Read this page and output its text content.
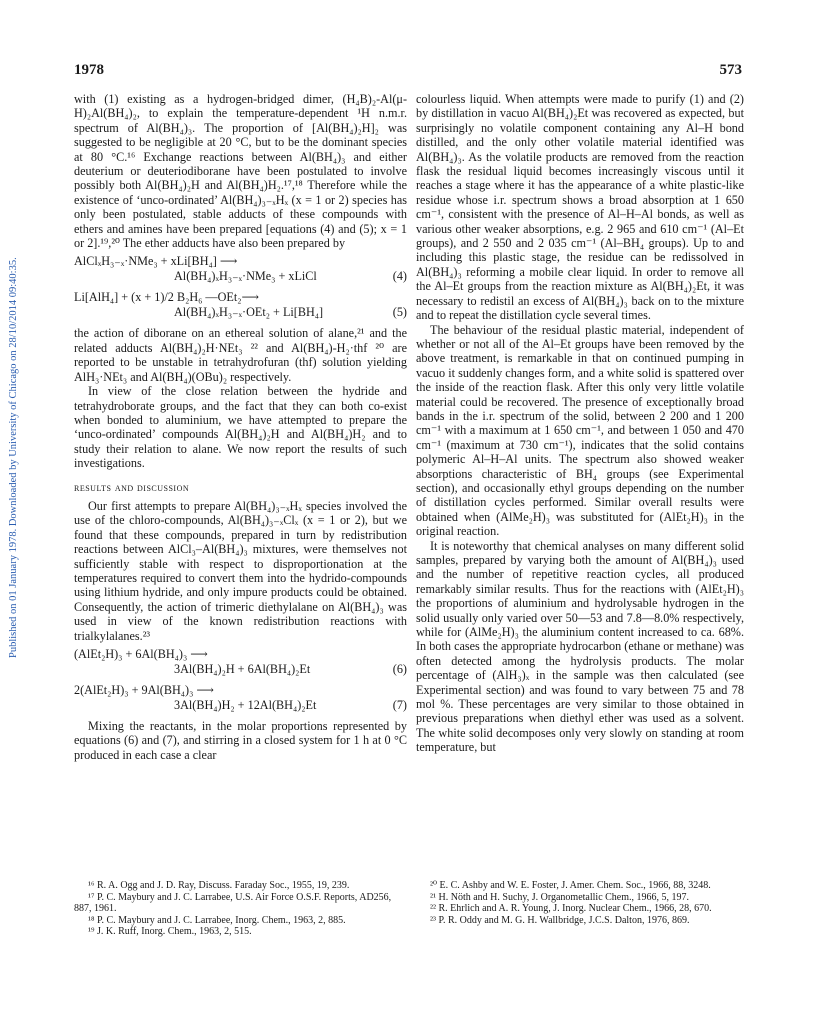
1978	573
Published on 01 January 1978. Downloaded by University of Chicago on 28/10/2014 09:40:35.

with (1) existing as a hydrogen-bridged dimer, (H₄B)₂-Al(μ-H)₂Al(BH₄)₂, to explain the temperature-dependent ¹H n.m.r. spectrum of Al(BH₄)₃. The proportion of [Al(BH₄)₂H]₂ was suggested to be negligible at 20 °C, but to be the dominant species at 80 °C.¹⁶ Exchange reactions between Al(BH₄)₃ and either deuterium or deuteriodiborane have been postulated to involve possibly both Al(BH₄)₂H and Al(BH₄)H₂.¹⁷,¹⁸ Therefore while the existence of ‘unco-ordinated’ Al(BH₄)₃₋ₓHₓ (x = 1 or 2) species has only been postulated, stable adducts of these compounds with ethers and amines have been prepared [equations (4) and (5); x = 1 or 2].¹⁹,²⁰ The ether adducts have also been prepared by

AlClₓH₃₋ₓ·NMe₃ + xLi[BH₄] ⟶
Al(BH₄)ₓH₃₋ₓ·NMe₃ + xLiCl	(4)
Li[AlH₄] + (x + 1)/2 B₂H₆ —OEt₂⟶
Al(BH₄)ₓH₃₋ₓ·OEt₂ + Li[BH₄]	(5)

the action of diborane on an ethereal solution of alane,²¹ and the related adducts Al(BH₄)₂H·NEt₃ ²² and Al(BH₄)-H₂·thf ²⁰ are reported to be unstable in tetrahydrofuran (thf) solution yielding AlH₃·NEt₃ and Al(BH₄)(OBu)₂ respectively.

In view of the close relation between the hydride and tetrahydroborate groups, and the fact that they can both co-exist when bonded to aluminium, we have attempted to prepare the ‘unco-ordinated’ compounds Al(BH₄)₂H and Al(BH₄)H₂ and to study their relation to alane. We now report the results of such investigations.

results and discussion

Our first attempts to prepare Al(BH₄)₃₋ₓHₓ species involved the use of the chloro-compounds, Al(BH₄)₃₋ₓClₓ (x = 1 or 2), but we found that these compounds, prepared in turn by redistribution reactions between AlCl₃–Al(BH₄)₃ mixtures, were themselves not sufficiently stable with respect to disproportionation at the temperatures required to convert them into the hydrido-compounds using lithium hydride, and only impure products could be obtained. Consequently, the action of trimeric diethylalane on Al(BH₄)₃ was used in view of the known redistribution reactions with trialkylalanes.²³

(AlEt₂H)₃ + 6Al(BH₄)₃ ⟶
3Al(BH₄)₂H + 6Al(BH₄)₂Et	(6)
2(AlEt₂H)₃ + 9Al(BH₄)₃ ⟶
3Al(BH₄)H₂ + 12Al(BH₄)₂Et	(7)

Mixing the reactants, in the molar proportions represented by equations (6) and (7), and stirring in a closed system for 1 h at 0 °C produced in each case a clear

colourless liquid. When attempts were made to purify (1) and (2) by distillation in vacuo Al(BH₄)₂Et was recovered as expected, but surprisingly no volatile component containing any Al–H bond distilled, and the only other volatile material identified was Al(BH₄)₃. As the volatile products are removed from the reaction flask the residual liquid becomes increasingly viscous until it reaches a stage where it has the appearance of a white plastic-like residue whose i.r. spectrum shows a broad absorption at 1 650 cm⁻¹, consistent with the presence of Al–H–Al bonds, as well as various other weaker absorptions, e.g. 2 965 and 610 cm⁻¹ (Al–Et groups), and 2 550 and 2 035 cm⁻¹ (Al–BH₄ groups). Up to and including this plastic stage, the residue can be redissolved in Al(BH₄)₃ reforming a mobile clear liquid. In order to remove all the Al–Et groups from the reaction mixture as Al(BH₄)₂Et, it was necessary to redistil an excess of Al(BH₄)₃ back on to the mixture and to repeat the distillation cycle several times.

The behaviour of the residual plastic material, independent of whether or not all of the Al–Et groups have been removed by the above treatment, is remarkable in that on continued pumping in vacuo it suddenly changes form, and a white solid is spattered over the inside of the reaction flask. After this only very little volatile material could be recovered. The presence of exceptionally broad bands in the i.r. spectrum of the solid, between 2 200 and 1 200 cm⁻¹ with a maximum at 1 650 cm⁻¹, and between 1 050 and 470 cm⁻¹ (maximum at 730 cm⁻¹), indicates that the solid contains polymeric Al–H–Al units. The spectrum also showed weaker absorptions characteristic of BH₄ groups (see Experimental section), and occasionally ethyl groups depending on the number of distillation cycles performed. Similar overall results were obtained when (AlMe₂H)₃ was substituted for (AlEt₂H)₃ in the original reaction.

It is noteworthy that chemical analyses on many different solid samples, prepared by varying both the amount of Al(BH₄)₃ used and the number of repetitive reaction cycles, all produced remarkably similar results. Thus for the reactions with (AlEt₂H)₃ the proportions of aluminium and hydrolysable hydrogen in the solid usually only varied over 50—53 and 7.8—8.0% respectively, while for (AlMe₂H)₃ the aluminium content increased to ca. 68%. In both cases the appropriate hydrocarbon (ethane or methane) was often detected among the hydrolysis products. The molar percentage of (AlH₃)ₓ in the sample was then calculated (see Experimental section) and was found to vary between 75 and 78 mol %. These percentages are very similar to those obtained in previous preparations when diethyl ether was used as a solvent. The white solid decomposes only very slowly on standing at room temperature, but

¹⁶ R. A. Ogg and J. D. Ray, Discuss. Faraday Soc., 1955, 19, 239.
¹⁷ P. C. Maybury and J. C. Larrabee, U.S. Air Force O.S.F. Reports, AD256, 887, 1961.
¹⁸ P. C. Maybury and J. C. Larrabee, Inorg. Chem., 1963, 2, 885.
¹⁹ J. K. Ruff, Inorg. Chem., 1963, 2, 515.
²⁰ E. C. Ashby and W. E. Foster, J. Amer. Chem. Soc., 1966, 88, 3248.
²¹ H. Nöth and H. Suchy, J. Organometallic Chem., 1966, 5, 197.
²² R. Ehrlich and A. R. Young, J. Inorg. Nuclear Chem., 1966, 28, 670.
²³ P. R. Oddy and M. G. H. Wallbridge, J.C.S. Dalton, 1976, 869.
